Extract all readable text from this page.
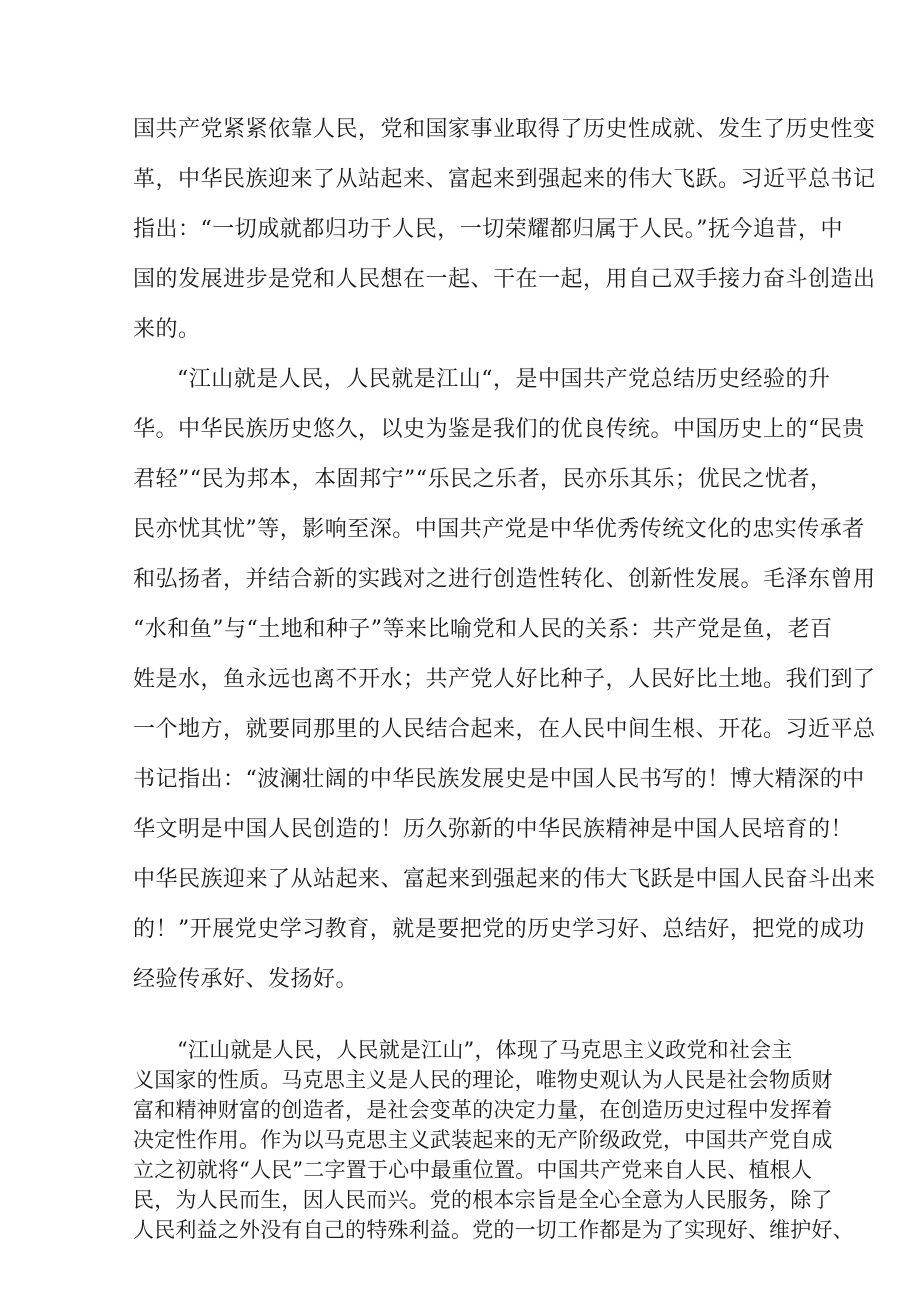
国共产党紧紧依靠人民，党和国家事业取得了历史性成就、发生了历史性变

革，中华民族迎来了从站起来、富起来到强起来的伟大飞跃。习近平总书记

指出：“一切成就都归功于人民，一切荣耀都归属于人民。”抚今追昔，中

国的发展进步是党和人民想在一起、干在一起，用自己双手接力奋斗创造出

来的。

“江山就是人民，人民就是江山“，是中国共产党总结历史经验的升

华。中华民族历史悠久，以史为鉴是我们的优良传统。中国历史上的“民贵

君轻”“民为邦本，本固邦宁”“乐民之乐者，民亦乐其乐；优民之忧者，

民亦忧其忧”等，影响至深。中国共产党是中华优秀传统文化的忠实传承者

和弘扬者，并结合新的实践对之进行创造性转化、创新性发展。毛泽东曾用

“水和鱼”与“土地和种子”等来比喻党和人民的关系：共产党是鱼，老百

姓是水，鱼永远也离不开水；共产党人好比种子，人民好比土地。我们到了

一个地方，就要同那里的人民结合起来，在人民中间生根、开花。习近平总

书记指出：“波澜壮阔的中华民族发展史是中国人民书写的！博大精深的中

华文明是中国人民创造的！历久弥新的中华民族精神是中国人民培育的！

中华民族迎来了从站起来、富起来到强起来的伟大飞跃是中国人民奋斗出来

的！”开展党史学习教育，就是要把党的历史学习好、总结好，把党的成功

经验传承好、发扬好。

“江山就是人民，人民就是江山”，体现了马克思主义政党和社会主

义国家的性质。马克思主义是人民的理论，唯物史观认为人民是社会物质财

富和精神财富的创造者，是社会变革的决定力量，在创造历史过程中发挥着

决定性作用。作为以马克思主义武装起来的无产阶级政党，中国共产党自成

立之初就将“人民”二字置于心中最重位置。中国共产党来自人民、植根人

民，为人民而生，因人民而兴。党的根本宗旨是全心全意为人民服务，除了

人民利益之外没有自己的特殊利益。党的一切工作都是为了实现好、维护好、
